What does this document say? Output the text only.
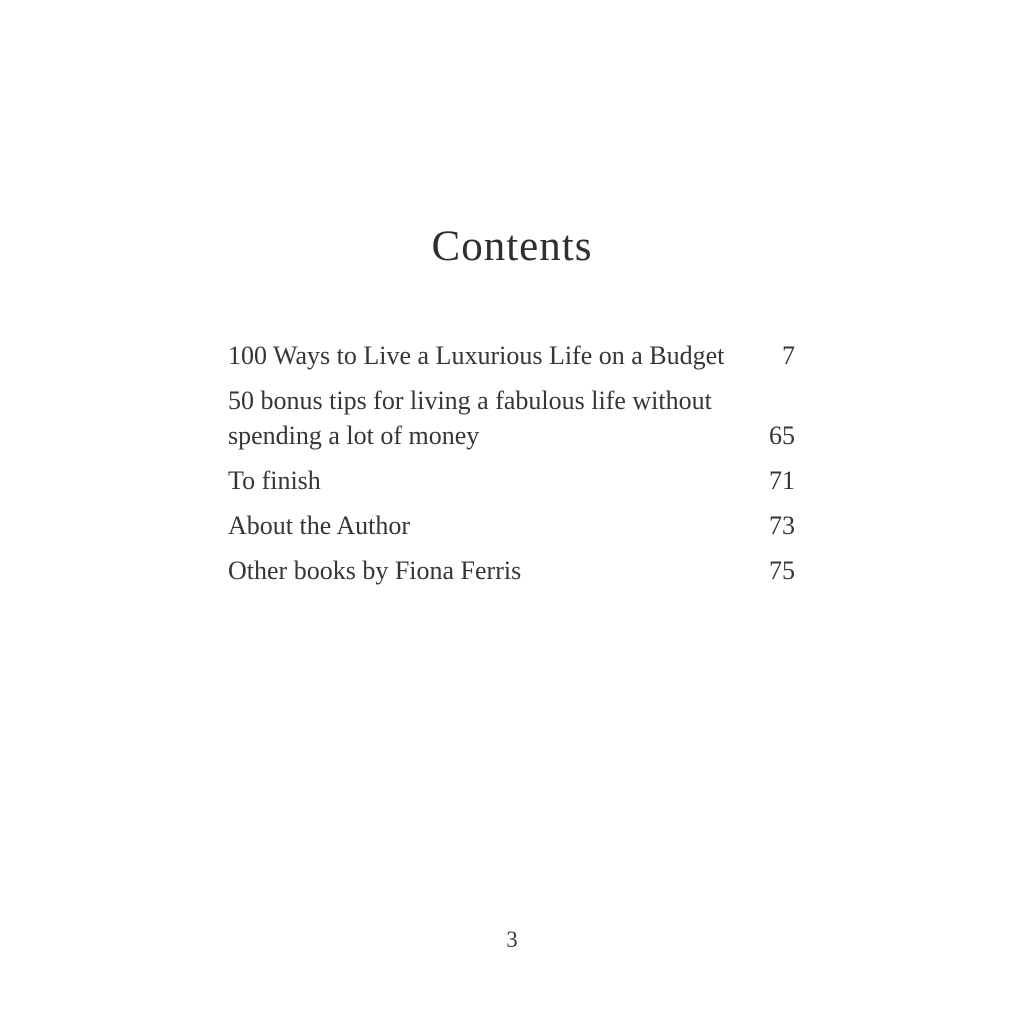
Contents
100 Ways to Live a Luxurious Life on a Budget	7
50 bonus tips for living a fabulous life without spending a lot of money	65
To finish	71
About the Author	73
Other books by Fiona Ferris	75
3
